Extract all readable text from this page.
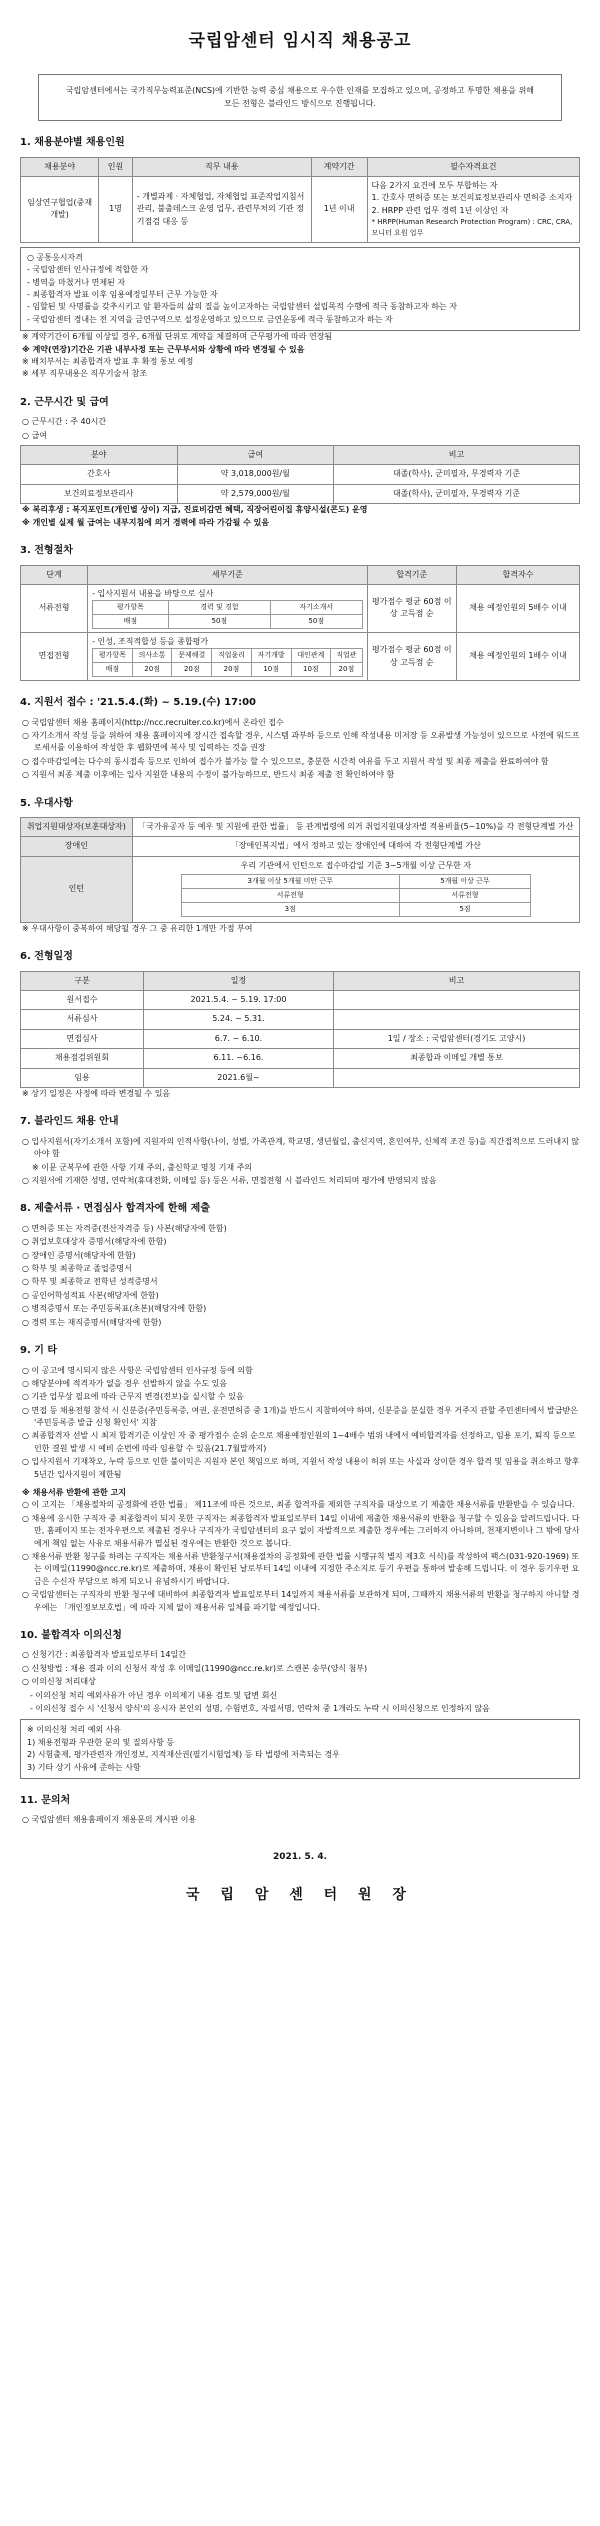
국립암센터 임시직 채용공고
국립암센터에서는 국가직무능력표준(NCS)에 기반한 능력 중심 채용으로 우수한 인재를 모집하고 있으며, 공정하고 투명한 채용을 위해 모든 전형은 블라인드 방식으로 진행됩니다.
1. 채용분야별 채용인원
채용분야	인원	직무 내용	계약기간	필수자격요건
임상연구협업(중재개발)	1명	- 개별과제 · 자체협업, 자체협업 표준작업지침서 관리, 불출데스크 운영 업무, 관련부처의 기관 정기점검 대응 등	1년 이내	다음 2가지 요건에 모두 부합하는 자
1. 간호사 면허증 또는 보건의료정보관리사 면허증 소지자
2. HRPP 관련 업무 경력 1년 이상인 자
* HRPP(Human Research Protection Program) : CRC, CRA, 모니터 요원 업무
○ 공통응시자격
- 국립암센터 인사규정에 적합한 자
- 병역을 마쳤거나 면제된 자
- 최종합격자 발표 이후 임용예정일부터 근무 가능한 자
- 임할된 및 사명률을 갖추시키고 암 환자들의 삶의 질을 높이고자하는 국립암센터 설립목적 수행에 적극 동참하고자 하는 자
- 국립암센터 경내는 전 지역을 금연구역으로 설정운영하고 있으므로 금연운동에 적극 동참하고자 하는 자
※ 계약기간이 6개월 이상일 경우, 6개월 단위로 계약을 체결하며 근무평가에 따라 연장됨
※ 계약(연장)기간은 기관 내부사정 또는 근무부서와 상황에 따라 변경될 수 있음
※ 배치부서는 최종합격자 발표 후 확정 통보 예정
※ 세부 직무내용은 직무기술서 참조
2. 근무시간 및 급여
○ 근무시간 : 주 40시간
○ 급여
분야	급여	비고
간호사	약 3,018,000원/월	대졸(학사), 군미필자, 무경력자 기준
보건의료정보관리사	약 2,579,000원/월	대졸(학사), 군미필자, 무경력자 기준
※ 복리후생 : 복지포인트(개인별 상이) 지급, 진료비감면 혜택, 직장어린이집 휴양시설(콘도) 운영
※ 개인별 실제 월 급여는 내부지침에 의거 경력에 따라 가감될 수 있음
3. 전형절차
단계	세부기준	합격기준	합격자수
서류전형	
- 입사지원서 내용을 바탕으로 심사
평가항목	경력 및 경험	자기소개서
배점	50점	50점
	평가점수 평균 60점 이상 고득점 순	채용 예정인원의 5배수 이내
면접전형	
- 인성, 조직적합성 등을 종합평가
평가항목	의사소통	문제해결	직업윤리	자기개발	대인관계	직업관
배점	20점	20점	20점	10점	10점	20점
	평가점수 평균 60점 이상 고득점 순	채용 예정인원의 1배수 이내
4. 지원서 접수 : '21.5.4.(화) ~ 5.19.(수) 17:00
○ 국립암센터 채용 홈페이지(http://ncc.recruiter.co.kr)에서 온라인 접수
○ 자기소개서 작성 등을 위하여 채용 홈페이지에 장시간 접속할 경우, 시스템 과부하 등으로 인해 작성내용 미저장 등 오류발생 가능성이 있으므로 사전에 워드프로세서를 이용하여 작성한 후 웹화면에 복사 및 입력하는 것을 권장
○ 접수마감일에는 다수의 동시접속 등으로 인하여 접수가 불가능 할 수 있으므로, 충분한 시간적 여유를 두고 지원서 작성 및 최종 제출을 완료하여야 함
○ 지원서 최종 제출 이후에는 입사 지원한 내용의 수정이 불가능하므로, 반드시 최종 제출 전 확인하여야 함
5. 우대사항
취업지원대상자(보훈대상자)	「국가유공자 등 예우 및 지원에 관한 법률」 등 관계법령에 의거 취업지원대상자별 적용비율(5~10%)을 각 전형단계별 가산
장애인	「장애인복지법」에서 정하고 있는 장애인에 대하여 각 전형단계별 가산
인턴	
우리 기관에서 인턴으로 접수마감일 기준 3~5개월 이상 근무한 자
3개월 이상 5개월 미만 근무	5개월 이상 근무
서류전형	서류전형
3점	5점
※ 우대사항이 중복하여 해당될 경우 그 중 유리한 1개만 가점 부여
6. 전형일정
구분	일정	비고
원서접수	2021.5.4. ~ 5.19. 17:00	
서류심사	5.24. ~ 5.31.	
면접심사	6.7. ~ 6.10.	1일 / 장소 : 국립암센터(경기도 고양시)
채용점검위원회	6.11. ~6.16.	최종합과 이메일 개별 통보
임용	2021.6월~	
※ 상기 일정은 사정에 따라 변경될 수 있음
7. 블라인드 채용 안내
○ 입사지원서(자기소개서 포함)에 지원자의 인적사항(나이, 성별, 가족관계, 학교명, 생년월일, 출신지역, 혼인여부, 신체적 조건 등)을 직간접적으로 드러내지 않아야 함
※ 이문 군복무에 관한 사항 기재 주의, 출신학교 명칭 기재 주의
○ 지원서에 기재한 성명, 연락처(휴대전화, 이메일 등) 등은 서류, 면접전형 시 블라인드 처리되며 평가에 반영되지 않음
8. 제출서류 · 면접심사 합격자에 한해 제출
○ 면허증 또는 자격증(전산자격증 등) 사본(해당자에 한함)
○ 취업보호대상자 증명서(해당자에 한함)
○ 장애인 증명서(해당자에 한함)
○ 학부 및 최종학교 졸업증명서
○ 학부 및 최종학교 전학년 성적증명서
○ 공인어학성적표 사본(해당자에 한함)
○ 병적증명서 또는 주민등록표(초본)(해당자에 한함)
○ 경력 또는 재직증명서(해당자에 한함)
9. 기 타
○ 이 공고에 명시되지 않은 사항은 국립암센터 인사규정 등에 의함
○ 해당분야에 적격자가 없을 경우 선발하지 않을 수도 있음
○ 기관 업무상 필요에 따라 근무지 변경(전보)을 실시할 수 있음
○ 면접 등 채용전형 참석 시 신분증(주민등록증, 여권, 운전면허증 중 1개)을 반드시 지참하여야 하며, 신분증을 분실한 경우 거주지 관할 주민센터에서 발급받은 '주민등록증 발급 신청 확인서' 지참
○ 최종합격자 선발 시 최저 합격기준 이상인 자 중 평가점수 순위 순으로 채용예정인원의 1~4배수 범위 내에서 예비합격자를 선정하고, 임용 포기, 퇴직 등으로 인한 결원 발생 시 예비 순번에 따라 임용할 수 있음(21.7월말까지)
○ 입사지원서 기재착오, 누락 등으로 인한 불이익은 지원자 본인 책임으로 하며, 지원서 작성 내용이 허위 또는 사실과 상이한 경우 합격 및 임용을 취소하고 향후 5년간 입사지원이 제한됨
※ 채용서류 반환에 관한 고지
○ 이 고지는 「채용절차의 공정화에 관한 법률」 제11조에 따른 것으로, 최종 합격자를 제외한 구직자를 대상으로 기 제출한 채용서류를 반환받을 수 있습니다.
○ 채용에 응시한 구직자 중 최종합격이 되지 못한 구직자는 최종합격자 발표일로부터 14일 이내에 제출한 채용서류의 반환을 청구할 수 있음을 알려드립니다. 다만, 홈페이지 또는 전자우편으로 제출된 경우나 구직자가 국립암센터의 요구 없이 자발적으로 제출한 경우에는 그러하지 아니하며, 천재지변이나 그 밖에 당사에게 책임 없는 사유로 채용서류가 멸실된 경우에는 반환한 것으로 봅니다.
○ 채용서류 반환 청구를 하려는 구직자는 채용서류 반환청구서(채용절차의 공정화에 관한 법률 시행규칙 별지 제3호 서식)를 작성하여 팩스(031-920-1969) 또는 이메일(11990@ncc.re.kr)로 제출하며, 채용이 확인된 날로부터 14일 이내에 지정한 주소지로 등기 우편을 통하여 발송해 드립니다. 이 경우 등기우편 요금은 수신자 부담으로 하게 되오니 유념하시기 바랍니다.
○ 국립암센터는 구직자의 반환 청구에 대비하여 최종합격자 발표일로부터 14일까지 채용서류를 보관하게 되며, 그때까지 채용서류의 반환을 청구하지 아니할 경우에는 「개인정보보호법」에 따라 지체 없이 채용서류 일체를 파기할 예정입니다.
10. 불합격자 이의신청
○ 신청기간 : 최종합격자 발표일로부터 14일간
○ 신청방법 : 채용 결과 이의 신청서 작성 후 이메일(11990@ncc.re.kr)로 스캔본 송부(양식 첨부)
○ 이의신청 처리대상
- 이의신청 처리 예외사유가 아닌 경우 이의제기 내용 검토 및 답변 회신
- 이의신청 접수 시 '신청서 양식'의 응시자 본인의 성명, 수험번호, 자필서명, 연락처 중 1개라도 누락 시 이의신청으로 인정하지 않음
※ 이의신청 처리 예외 사유
1) 채용전형과 무관한 문의 및 질의사항 등
2) 시험출제, 평가관련자 개인정보, 지적재산권(필기시험업체) 등 타 법령에 저촉되는 경우
3) 기타 상기 사유에 준하는 사항
11. 문의처
○ 국립암센터 채용홈페이지 채용문의 게시판 이용
2021. 5. 4.
국 립 암 센 터 원 장
